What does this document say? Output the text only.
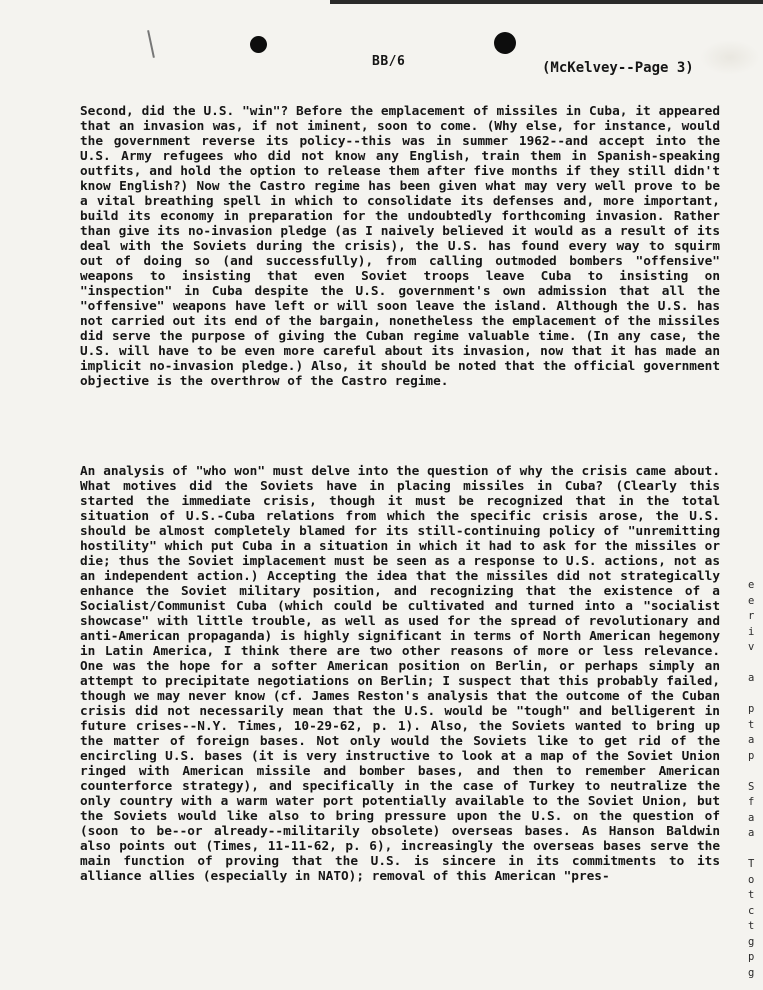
BB/6	(McKelvey--Page 3)
Second, did the U.S. "win"? Before the emplacement of missiles in Cuba, it appeared that an invasion was, if not iminent, soon to come. (Why else, for instance, would the government reverse its policy--this was in summer 1962--and accept into the U.S. Army refugees who did not know any English, train them in Spanish-speaking outfits, and hold the option to release them after five months if they still didn't know English?) Now the Castro regime has been given what may very well prove to be a vital breathing spell in which to consolidate its defenses and, more important, build its economy in preparation for the undoubtedly forthcoming invasion. Rather than give its no-invasion pledge (as I naively believed it would as a result of its deal with the Soviets during the crisis), the U.S. has found every way to squirm out of doing so (and successfully), from calling outmoded bombers "offensive" weapons to insisting that even Soviet troops leave Cuba to insisting on "inspection" in Cuba despite the U.S. government's own admission that all the "offensive" weapons have left or will soon leave the island. Although the U.S. has not carried out its end of the bargain, nonetheless the emplacement of the missiles did serve the purpose of giving the Cuban regime valuable time. (In any case, the U.S. will have to be even more careful about its invasion, now that it has made an implicit no-invasion pledge.) Also, it should be noted that the official government objective is the overthrow of the Castro regime.
An analysis of "who won" must delve into the question of why the crisis came about. What motives did the Soviets have in placing missiles in Cuba? (Clearly this started the immediate crisis, though it must be recognized that in the total situation of U.S.-Cuba relations from which the specific crisis arose, the U.S. should be almost completely blamed for its still-continuing policy of "unremitting hostility" which put Cuba in a situation in which it had to ask for the missiles or die; thus the Soviet implacement must be seen as a response to U.S. actions, not as an independent action.) Accepting the idea that the missiles did not strategically enhance the Soviet military position, and recognizing that the existence of a Socialist/Communist Cuba (which could be cultivated and turned into a "socialist showcase" with little trouble, as well as used for the spread of revolutionary and anti-American propaganda) is highly significant in terms of North American hegemony in Latin America, I think there are two other reasons of more or less relevance. One was the hope for a softer American position on Berlin, or perhaps simply an attempt to precipitate negotiations on Berlin; I suspect that this probably failed, though we may never know (cf. James Reston's analysis that the outcome of the Cuban crisis did not necessarily mean that the U.S. would be "tough" and belligerent in future crises--N.Y. Times, 10-29-62, p. 1). Also, the Soviets wanted to bring up the matter of foreign bases. Not only would the Soviets like to get rid of the encircling U.S. bases (it is very instructive to look at a map of the Soviet Union ringed with American missile and bomber bases, and then to remember American counterforce strategy), and specifically in the case of Turkey to neutralize the only country with a warm water port potentially available to the Soviet Union, but the Soviets would like also to bring pressure upon the U.S. on the question of (soon to be--or already--militarily obsolete) overseas bases. As Hanson Baldwin also points out (Times, 11-11-62, p. 6), increasingly the overseas bases serve the main function of proving that the U.S. is sincere in its commitments to its alliance allies (especially in NATO); removal of this American "pres-
e
e
r
i
v
a
p
t
a
p
S
f
a
a
T
o
t
c
t
g
p
g
